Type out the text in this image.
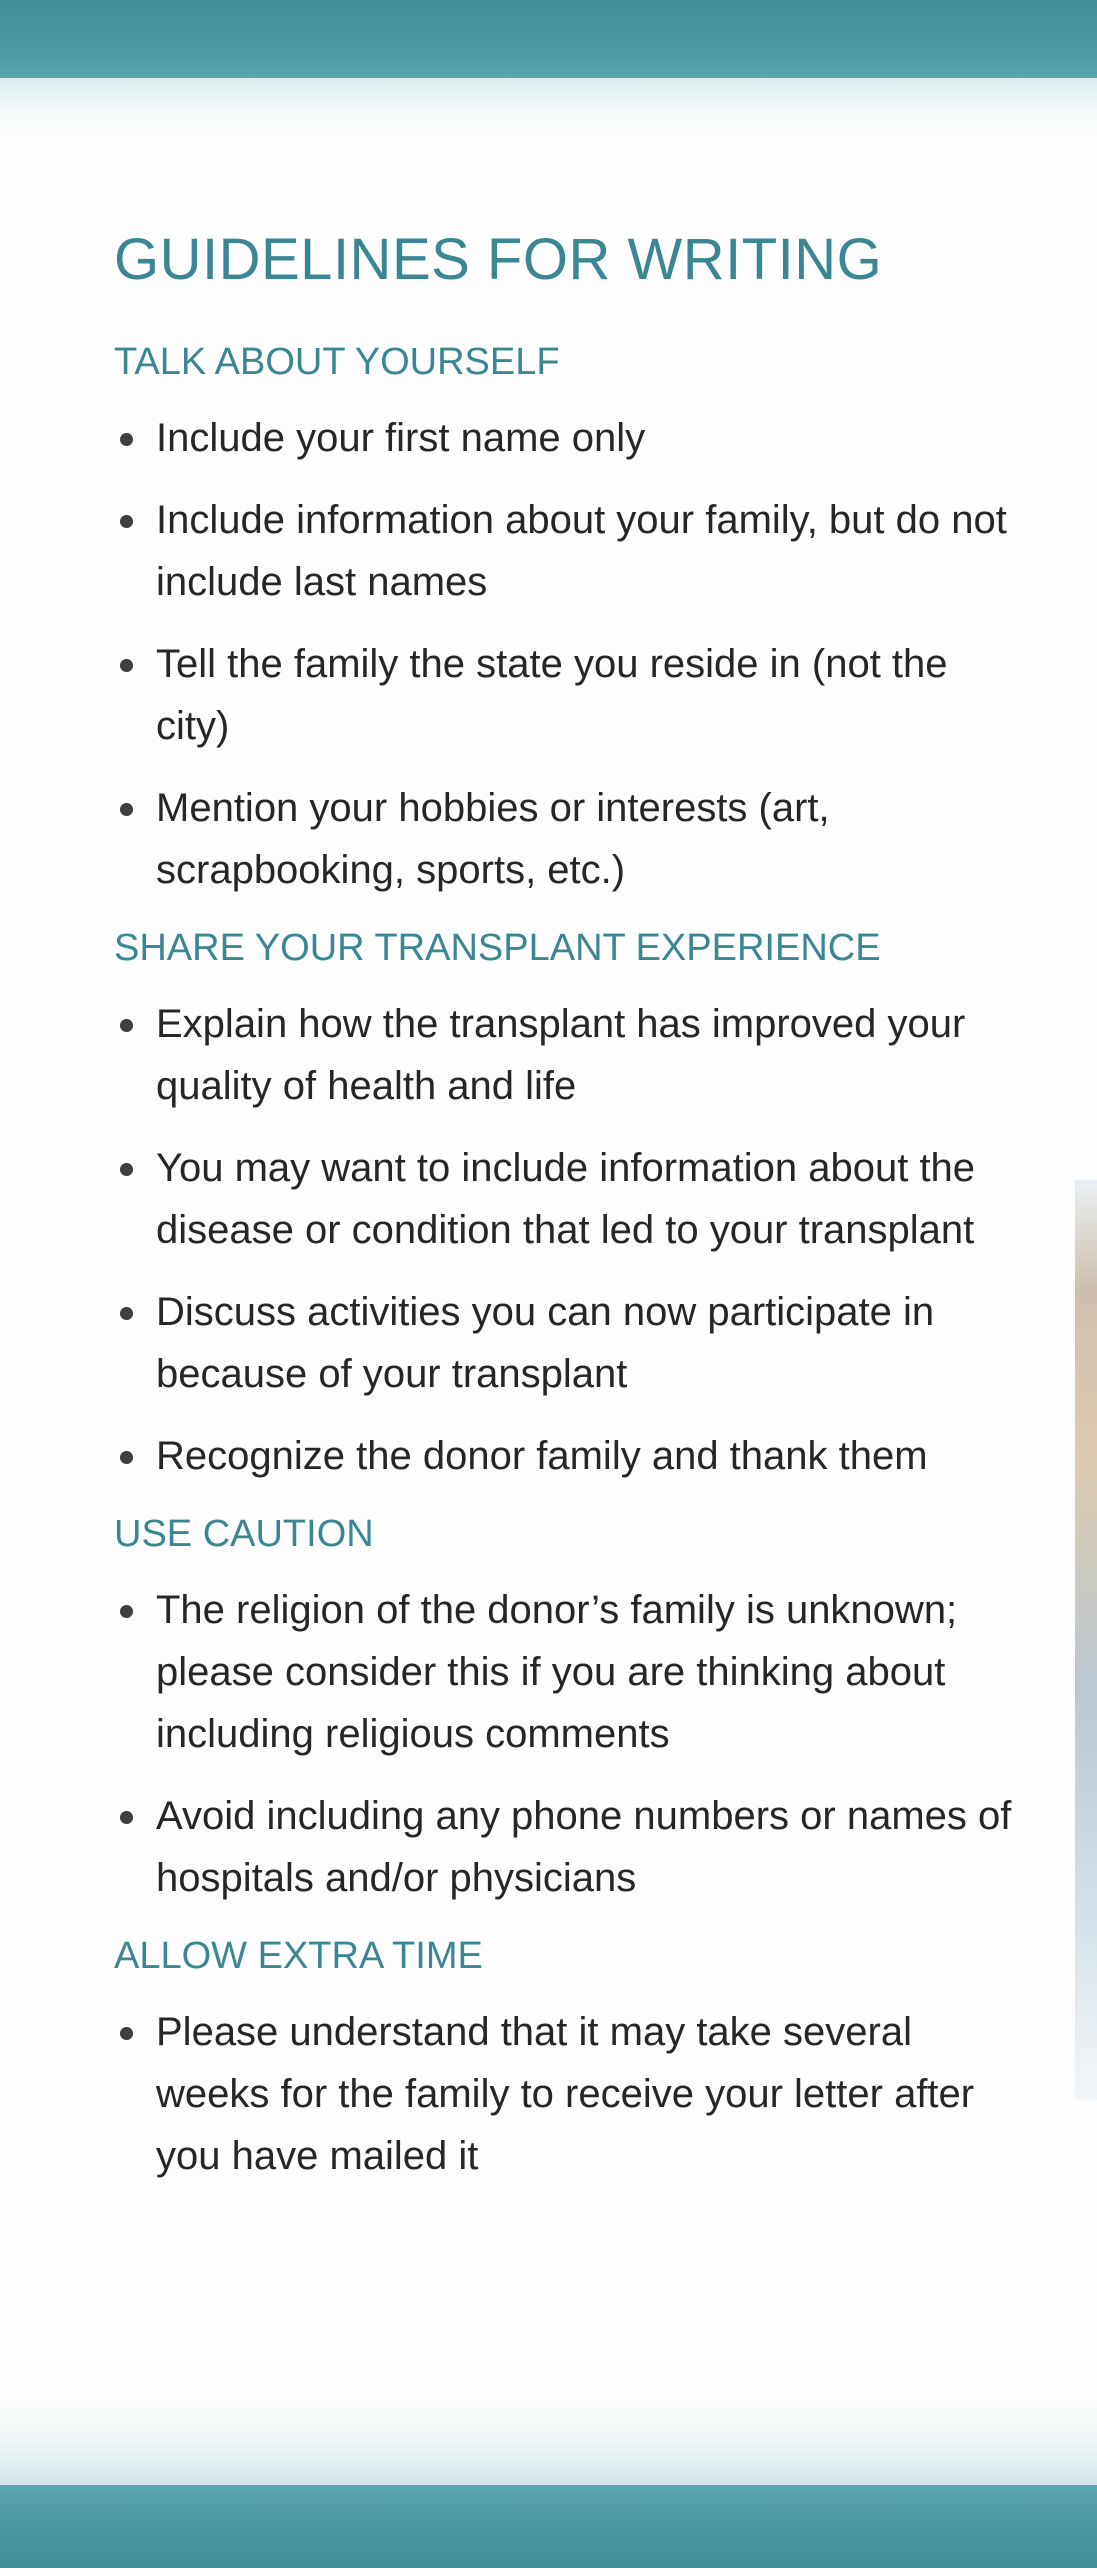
GUIDELINES FOR WRITING
TALK ABOUT YOURSELF
Include your first name only
Include information about your family, but do not include last names
Tell the family the state you reside in (not the city)
Mention your hobbies or interests (art, scrapbooking, sports, etc.)
SHARE YOUR TRANSPLANT EXPERIENCE
Explain how the transplant has improved your quality of health and life
You may want to include information about the disease or condition that led to your transplant
Discuss activities you can now participate in because of your transplant
Recognize the donor family and thank them
USE CAUTION
The religion of the donor’s family is unknown; please consider this if you are thinking about including religious comments
Avoid including any phone numbers or names of hospitals and/or physicians
ALLOW EXTRA TIME
Please understand that it may take several weeks for the family to receive your letter after you have mailed it
